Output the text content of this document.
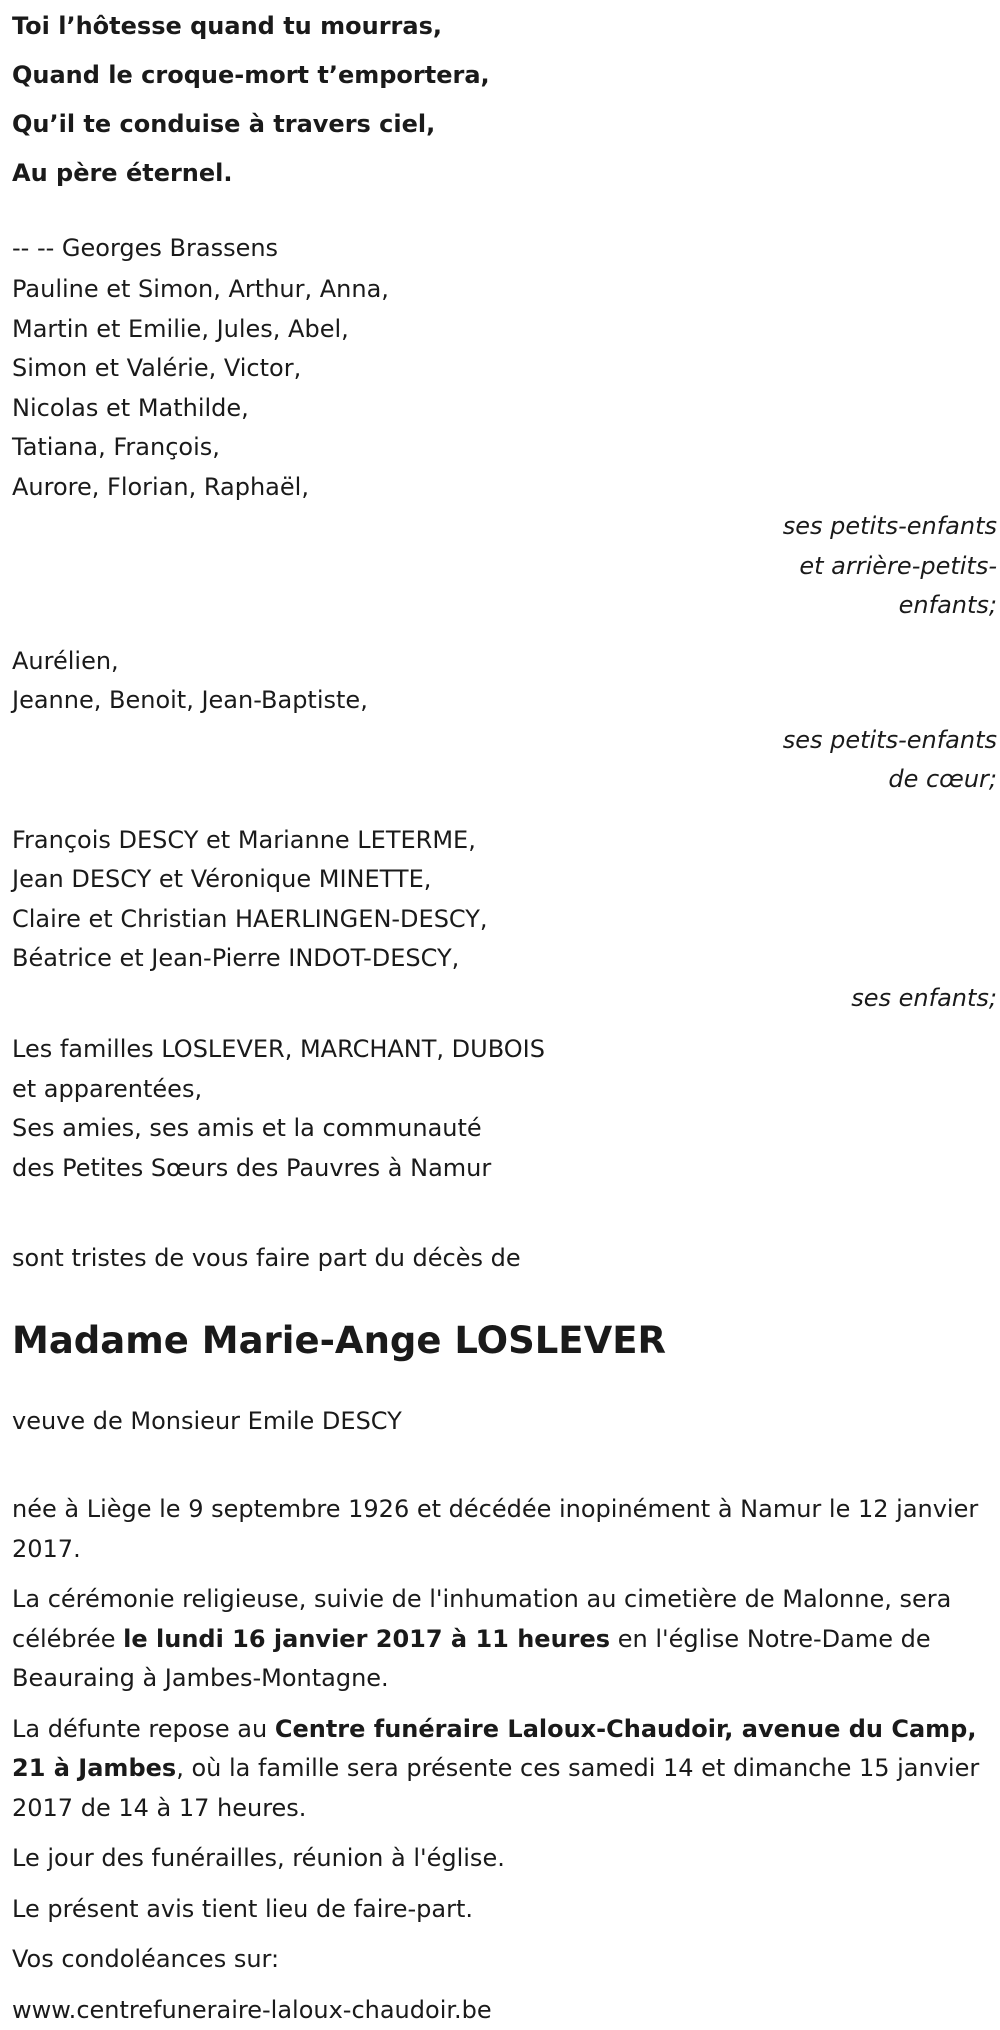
Toi l’hôtesse quand tu mourras,

Quand le croque-mort t’emportera,

Qu’il te conduise à travers ciel,

Au père éternel.

-- -- Georges Brassens

Pauline et Simon, Arthur, Anna,

Martin et Emilie, Jules, Abel,

Simon et Valérie, Victor,

Nicolas et Mathilde,

Tatiana, François,

Aurore, Florian, Raphaël,

ses petits-enfants
et arrière-petits-
enfants;

Aurélien,

Jeanne, Benoit, Jean-Baptiste,

ses petits-enfants
de cœur;

François DESCY et Marianne LETERME,

Jean DESCY et Véronique MINETTE,

Claire et Christian HAERLINGEN-DESCY,

Béatrice et Jean-Pierre INDOT-DESCY,

ses enfants;

Les familles LOSLEVER, MARCHANT, DUBOIS

et apparentées,

Ses amies, ses amis et la communauté

des Petites Sœurs des Pauvres à Namur

sont tristes de vous faire part du décès de
Madame Marie-Ange LOSLEVER
veuve de Monsieur Emile DESCY

née à Liège le 9 septembre 1926 et décédée inopinément à Namur le 12 janvier 2017.

La cérémonie religieuse, suivie de l'inhumation au cimetière de Malonne, sera célébrée le lundi 16 janvier 2017 à 11 heures en l'église Notre-Dame de Beauraing à Jambes-Montagne.

La défunte repose au Centre funéraire Laloux-Chaudoir, avenue du Camp, 21 à Jambes, où la famille sera présente ces samedi 14 et dimanche 15 janvier 2017 de 14 à 17 heures.

Le jour des funérailles, réunion à l'église.

Le présent avis tient lieu de faire-part.

Vos condoléances sur:

www.centrefuneraire-laloux-chaudoir.be
